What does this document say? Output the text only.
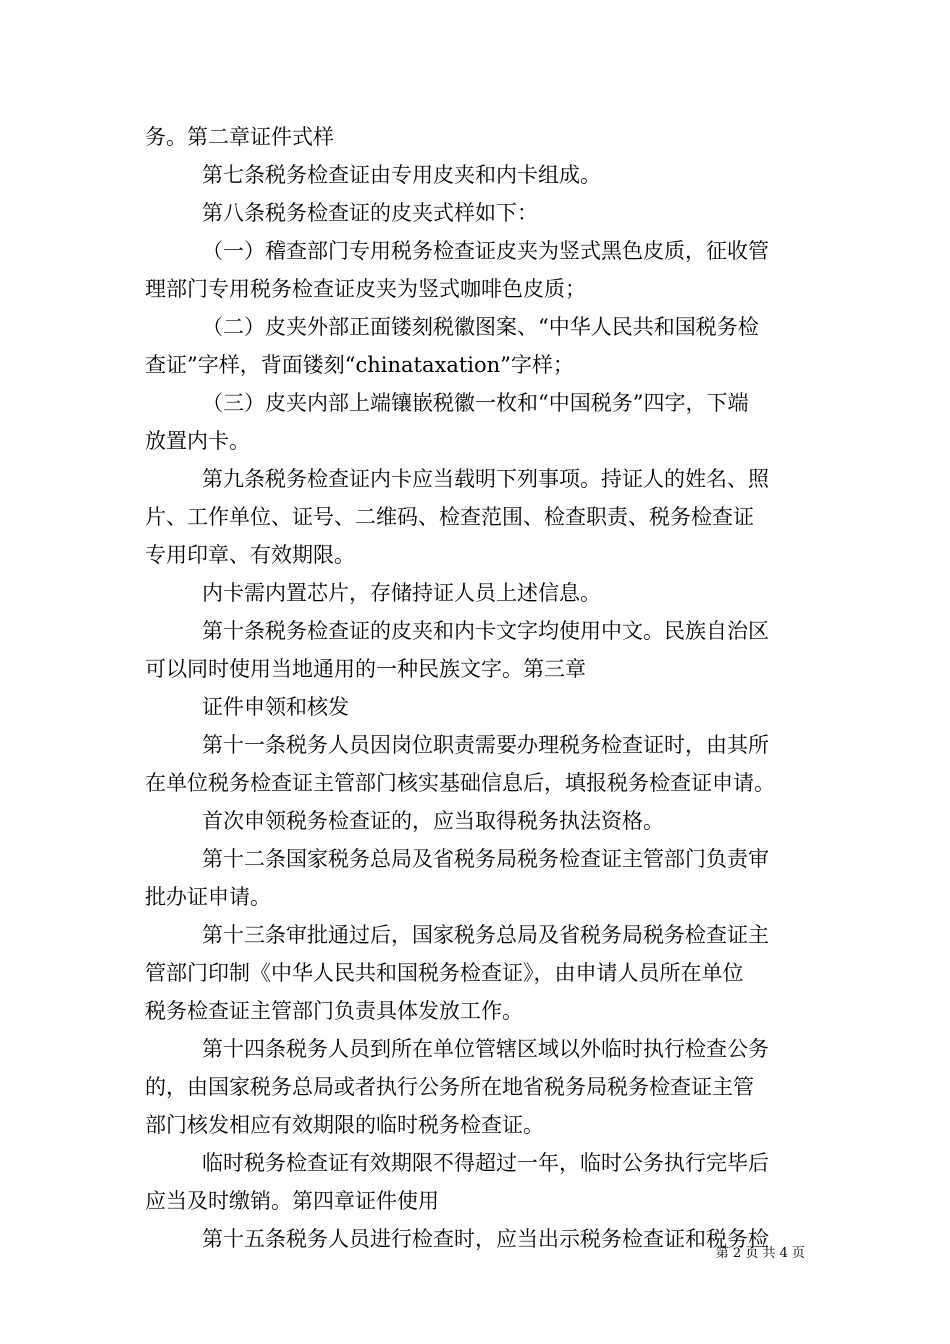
务。第二章证件式样
第七条税务检查证由专用皮夹和内卡组成。
第八条税务检查证的皮夹式样如下：
（一）稽查部门专用税务检查证皮夹为竖式黑色皮质，征收管
理部门专用税务检查证皮夹为竖式咖啡色皮质；
（二）皮夹外部正面镂刻税徽图案、“中华人民共和国税务检
查证”字样，背面镂刻“chinataxation”字样；
（三）皮夹内部上端镶嵌税徽一枚和“中国税务”四字，下端
放置内卡。
第九条税务检查证内卡应当载明下列事项。持证人的姓名、照
片、工作单位、证号、二维码、检查范围、检查职责、税务检查证
专用印章、有效期限。
内卡需内置芯片，存储持证人员上述信息。
第十条税务检查证的皮夹和内卡文字均使用中文。民族自治区
可以同时使用当地通用的一种民族文字。第三章
证件申领和核发
第十一条税务人员因岗位职责需要办理税务检查证时，由其所
在单位税务检查证主管部门核实基础信息后，填报税务检查证申请。
首次申领税务检查证的，应当取得税务执法资格。
第十二条国家税务总局及省税务局税务检查证主管部门负责审
批办证申请。
第十三条审批通过后，国家税务总局及省税务局税务检查证主
管部门印制《中华人民共和国税务检查证》，由申请人员所在单位
税务检查证主管部门负责具体发放工作。
第十四条税务人员到所在单位管辖区域以外临时执行检查公务
的，由国家税务总局或者执行公务所在地省税务局税务检查证主管
部门核发相应有效期限的临时税务检查证。
临时税务检查证有效期限不得超过一年，临时公务执行完毕后
应当及时缴销。第四章证件使用
第十五条税务人员进行检查时，应当出示税务检查证和税务检
第 2 页 共 4 页
